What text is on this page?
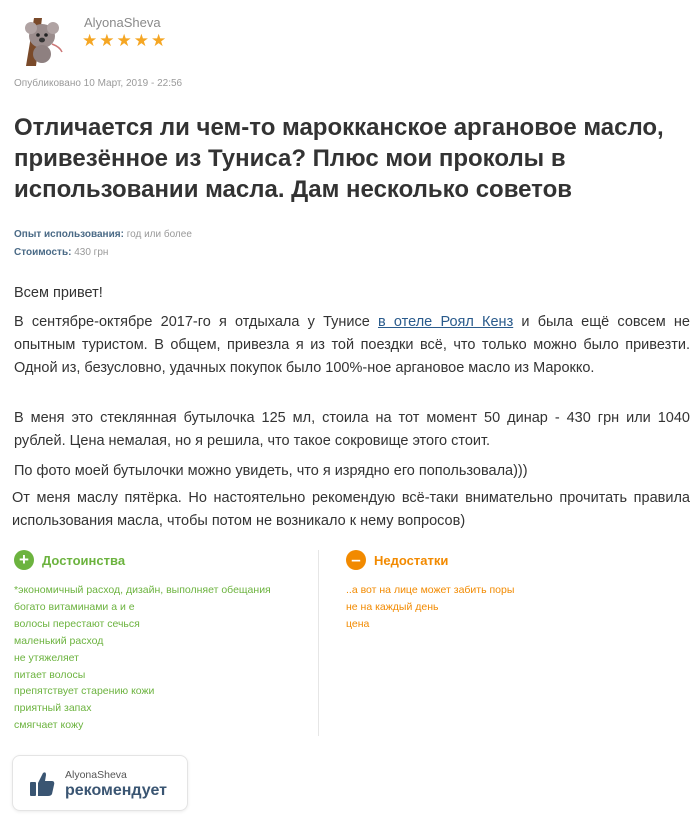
AlyonaSheva
★ ★ ★ ★ ★
Опубликовано 10 Март, 2019 - 22:56
Отличается ли чем-то марокканское аргановое масло, привезённое из Туниса? Плюс мои проколы в использовании масла. Дам несколько советов
Опыт использования: год или более
Стоимость: 430 грн
Всем привет!
В сентябре-октябре 2017-го я отдыхала у Тунисе в отеле Роял Кенз и была ещё совсем не опытным туристом. В общем, привезла я из той поездки всё, что только можно было привезти. Одной из, безусловно, удачных покупок было 100%-ное аргановое масло из Марокко.
В меня это стеклянная бутылочка 125 мл, стоила на тот момент 50 динар - 430 грн или 1040 рублей. Цена немалая, но я решила, что такое сокровище этого стоит.
По фото моей бутылочки можно увидеть, что я изрядно его попользовала)))
От меня маслу пятёрка. Но настоятельно рекомендую всё-таки внимательно прочитать правила использования масла, чтобы потом не возникало к нему вопросов)
+	Достоинства
*экономичный расход, дизайн, выполняет обещания
богато витаминами а и е
волосы перестают сечься
маленький расход
не утяжеляет
питает волосы
препятствует старению кожи
приятный запах
смягчает кожу
–	Недостатки
..а вот на лице может забить поры
не на каждый день
цена
AlyonaSheva
рекомендует
